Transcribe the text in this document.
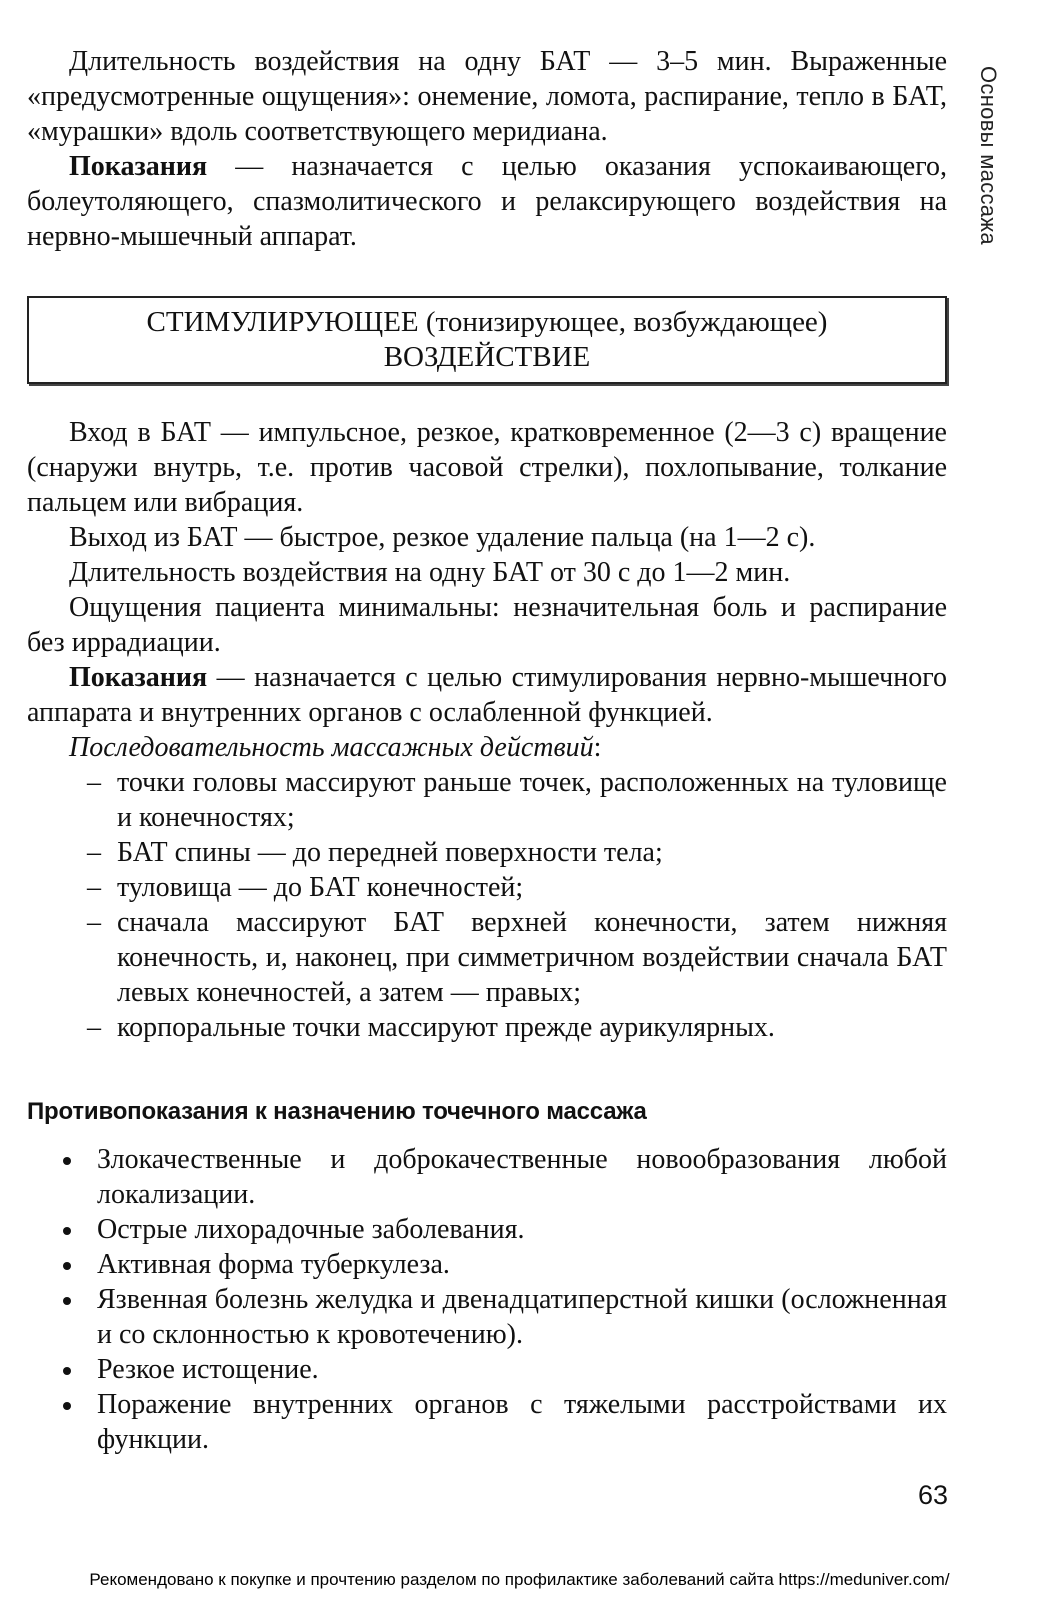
Основы массажа

Длительность воздействия на одну БАТ — 3–5 мин. Выраженные «предусмотренные ощущения»: онемение, ломота, распирание, тепло в БАТ, «мурашки» вдоль соответствующего меридиана.

Показания — назначается с целью оказания успокаивающего, болеутоляющего, спазмолитического и релаксирующего воздействия на нервно-мышечный аппарат.

СТИМУЛИРУЮЩЕЕ (тонизирующее, возбуждающее)
ВОЗДЕЙСТВИЕ

Вход в БАТ — импульсное, резкое, кратковременное (2—3 с) вращение (снаружи внутрь, т.е. против часовой стрелки), похлопывание, толкание пальцем или вибрация.

Выход из БАТ — быстрое, резкое удаление пальца (на 1—2 с).

Длительность воздействия на одну БАТ от 30 с до 1—2 мин.

Ощущения пациента минимальны: незначительная боль и распирание без иррадиации.

Показания — назначается с целью стимулирования нервно-мышечного аппарата и внутренних органов с ослабленной функцией.

Последовательность массажных действий:

– точки головы массируют раньше точек, расположенных на туловище и конечностях;
– БАТ спины — до передней поверхности тела;
– туловища — до БАТ конечностей;
– сначала массируют БАТ верхней конечности, затем нижняя конечность, и, наконец, при симметричном воздействии сначала БАТ левых конечностей, а затем — правых;
– корпоральные точки массируют прежде аурикулярных.
Противопоказания к назначению точечного массажа
Злокачественные и доброкачественные новообразования любой локализации.
Острые лихорадочные заболевания.
Активная форма туберкулеза.
Язвенная болезнь желудка и двенадцатиперстной кишки (осложненная и со склонностью к кровотечению).
Резкое истощение.
Поражение внутренних органов с тяжелыми расстройствами их функции.
63
Рекомендовано к покупке и прочтению разделом по профилактике заболеваний сайта https://meduniver.com/
